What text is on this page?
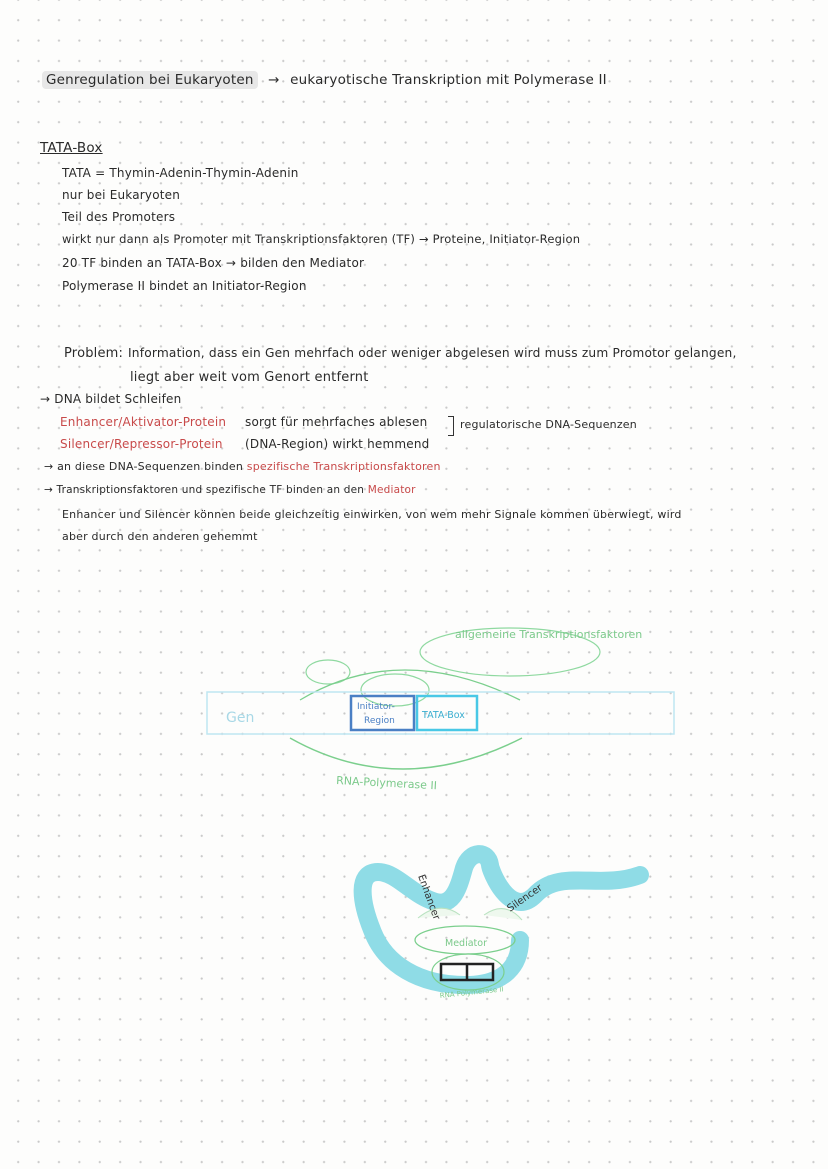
Genregulation bei Eukaryoten → eukaryotische Transkription mit Polymerase II
TATA-Box
TATA = Thymin-Adenin-Thymin-Adenin
nur bei Eukaryoten
Teil des Promoters
wirkt nur dann als Promoter mit Transkriptionsfaktoren (TF) → Proteine, Initiator-Region
20 TF binden an TATA-Box → bilden den Mediator
Polymerase II bindet an Initiator-Region
Problem: Information, dass ein Gen mehrfach oder weniger abgelesen wird muss zum Promotor gelangen,
liegt aber weit vom Genort entfernt
→ DNA bildet Schleifen
Enhancer/Aktivator-Protein sorgt für mehrfaches ablesen
Silencer/Repressor-Protein (DNA-Region) wirkt hemmend
regulatorische DNA-Sequenzen
→ an diese DNA-Sequenzen binden spezifische Transkriptionsfaktoren
→ Transkriptionsfaktoren und spezifische TF binden an den Mediator
Enhancer und Silencer können beide gleichzeitig einwirken, von wem mehr Signale kommen überwiegt, wird
aber durch den anderen gehemmt
allgemeine Transkriptionsfaktoren
Gen
Initiator-
Region	TATA-Box
RNA-Polymerase II
Enhancer	Silencer
Mediator
RNA Polymerase II
